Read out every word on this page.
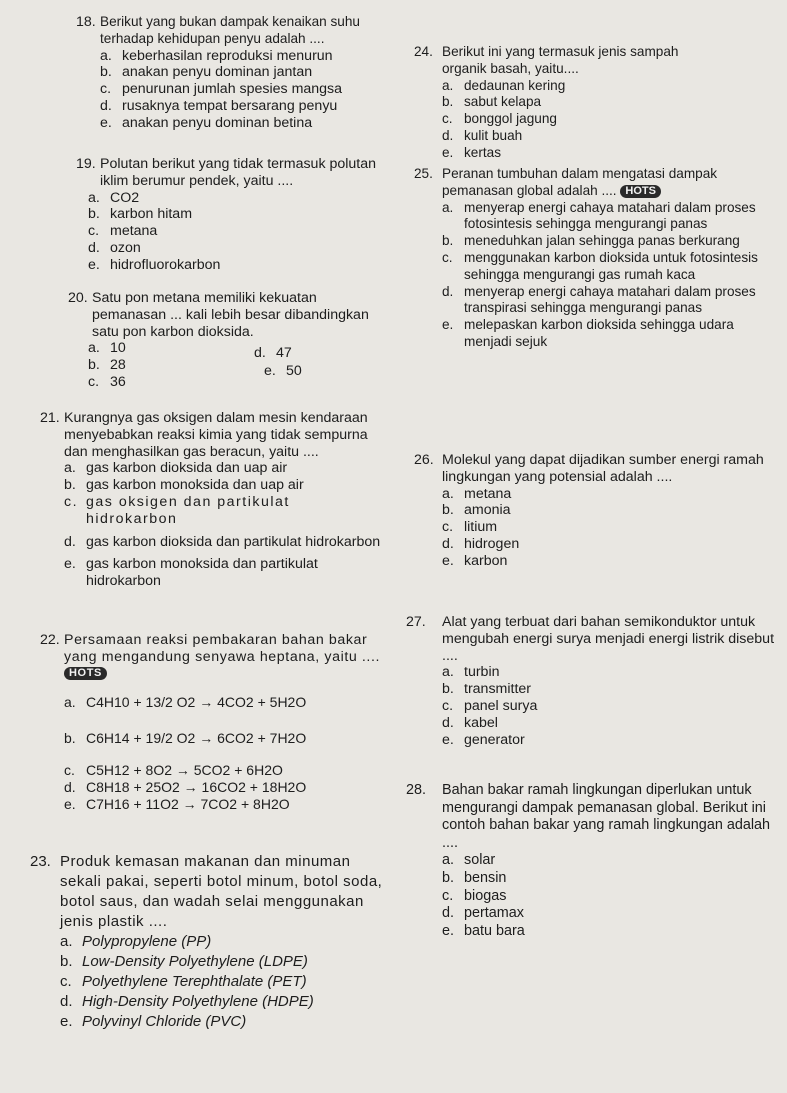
18. Berikut yang bukan dampak kenaikan suhu terhadap kehidupan penyu adalah ....
a. keberhasilan reproduksi menurun
b. anakan penyu dominan jantan
c. penurunan jumlah spesies mangsa
d. rusaknya tempat bersarang penyu
e. anakan penyu dominan betina
19. Polutan berikut yang tidak termasuk polutan iklim berumur pendek, yaitu ....
a. CO2
b. karbon hitam
c. metana
d. ozon
e. hidrofluorokarbon
20. Satu pon metana memiliki kekuatan pemanasan ... kali lebih besar dibandingkan satu pon karbon dioksida.
a. 10
b. 28
c. 36
d. 47
e. 50
21. Kurangnya gas oksigen dalam mesin kendaraan menyebabkan reaksi kimia yang tidak sempurna dan menghasilkan gas beracun, yaitu ....
a. gas karbon dioksida dan uap air
b. gas karbon monoksida dan uap air
c. gas oksigen dan partikulat hidrokarbon
d. gas karbon dioksida dan partikulat hidrokarbon
e. gas karbon monoksida dan partikulat hidrokarbon
22. Persamaan reaksi pembakaran bahan bakar yang mengandung senyawa heptana, yaitu .... HOTS
a. C4H10 + 13/2 O2 → 4CO2 + 5H2O
b. C6H14 + 19/2 O2 → 6CO2 + 7H2O
c. C5H12 + 8O2 → 5CO2 + 6H2O
d. C8H18 + 25O2 → 16CO2 + 18H2O
e. C7H16 + 11O2 → 7CO2 + 8H2O
23. Produk kemasan makanan dan minuman sekali pakai, seperti botol minum, botol soda, botol saus, dan wadah selai menggunakan jenis plastik ....
a. Polypropylene (PP)
b. Low-Density Polyethylene (LDPE)
c. Polyethylene Terephthalate (PET)
d. High-Density Polyethylene (HDPE)
e. Polyvinyl Chloride (PVC)
24. Berikut ini yang termasuk jenis sampah organik basah, yaitu....
a. dedaunan kering
b. sabut kelapa
c. bonggol jagung
d. kulit buah
e. kertas
25. Peranan tumbuhan dalam mengatasi dampak pemanasan global adalah .... HOTS
a. menyerap energi cahaya matahari dalam proses fotosintesis sehingga mengurangi panas
b. meneduhkan jalan sehingga panas berkurang
c. menggunakan karbon dioksida untuk fotosintesis sehingga mengurangi gas rumah kaca
d. menyerap energi cahaya matahari dalam proses transpirasi sehingga mengurangi panas
e. melepaskan karbon dioksida sehingga udara menjadi sejuk
26. Molekul yang dapat dijadikan sumber energi ramah lingkungan yang potensial adalah ....
a. metana
b. amonia
c. litium
d. hidrogen
e. karbon
27.	Alat yang terbuat dari bahan semikonduktor untuk mengubah energi surya menjadi energi listrik disebut ....
a. turbin
b. transmitter
c. panel surya
d. kabel
e. generator
28.	Bahan bakar ramah lingkungan diperlukan untuk mengurangi dampak pemanasan global. Berikut ini contoh bahan bakar yang ramah lingkungan adalah ....
a. solar
b. bensin
c. biogas
d. pertamax
e. batu bara
